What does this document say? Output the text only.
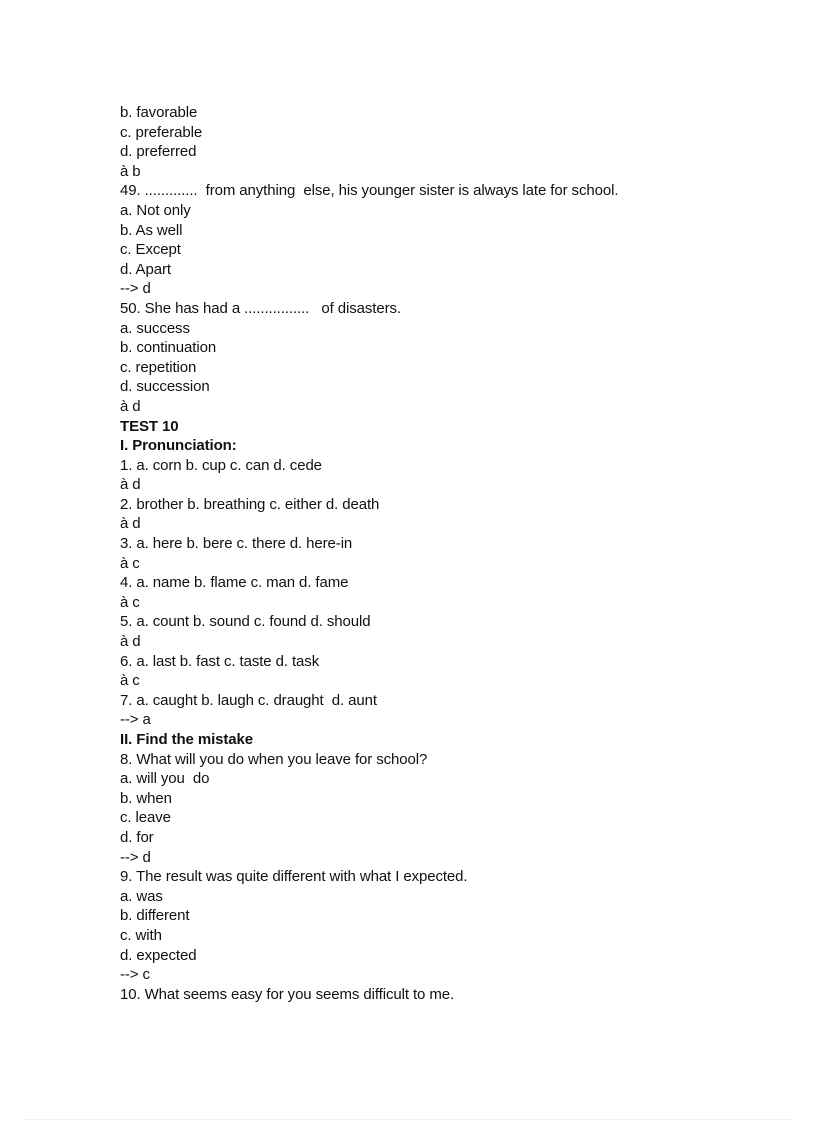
b. favorable
c. preferable
d. preferred
à b
49. .............  from anything  else, his younger sister is always late for school.
a. Not only
b. As well
c. Except
d. Apart
--> d
50. She has had a ................   of disasters.
a. success
b. continuation
c. repetition
d. succession
à d
TEST 10
I. Pronunciation:
1. a. corn b. cup c. can d. cede
à d
2. brother b. breathing c. either d. death
à d
3. a. here b. bere c. there d. here-in
à c
4. a. name b. flame c. man d. fame
à c
5. a. count b. sound c. found d. should
à d
6. a. last b. fast c. taste d. task
à c
7. a. caught b. laugh c. draught  d. aunt
--> a
II. Find the mistake
8. What will you do when you leave for school?
a. will you  do
b. when
c. leave
d. for
--> d
9. The result was quite different with what I expected.
a. was
b. different
c. with
d. expected
--> c
10. What seems easy for you seems difficult to me.
